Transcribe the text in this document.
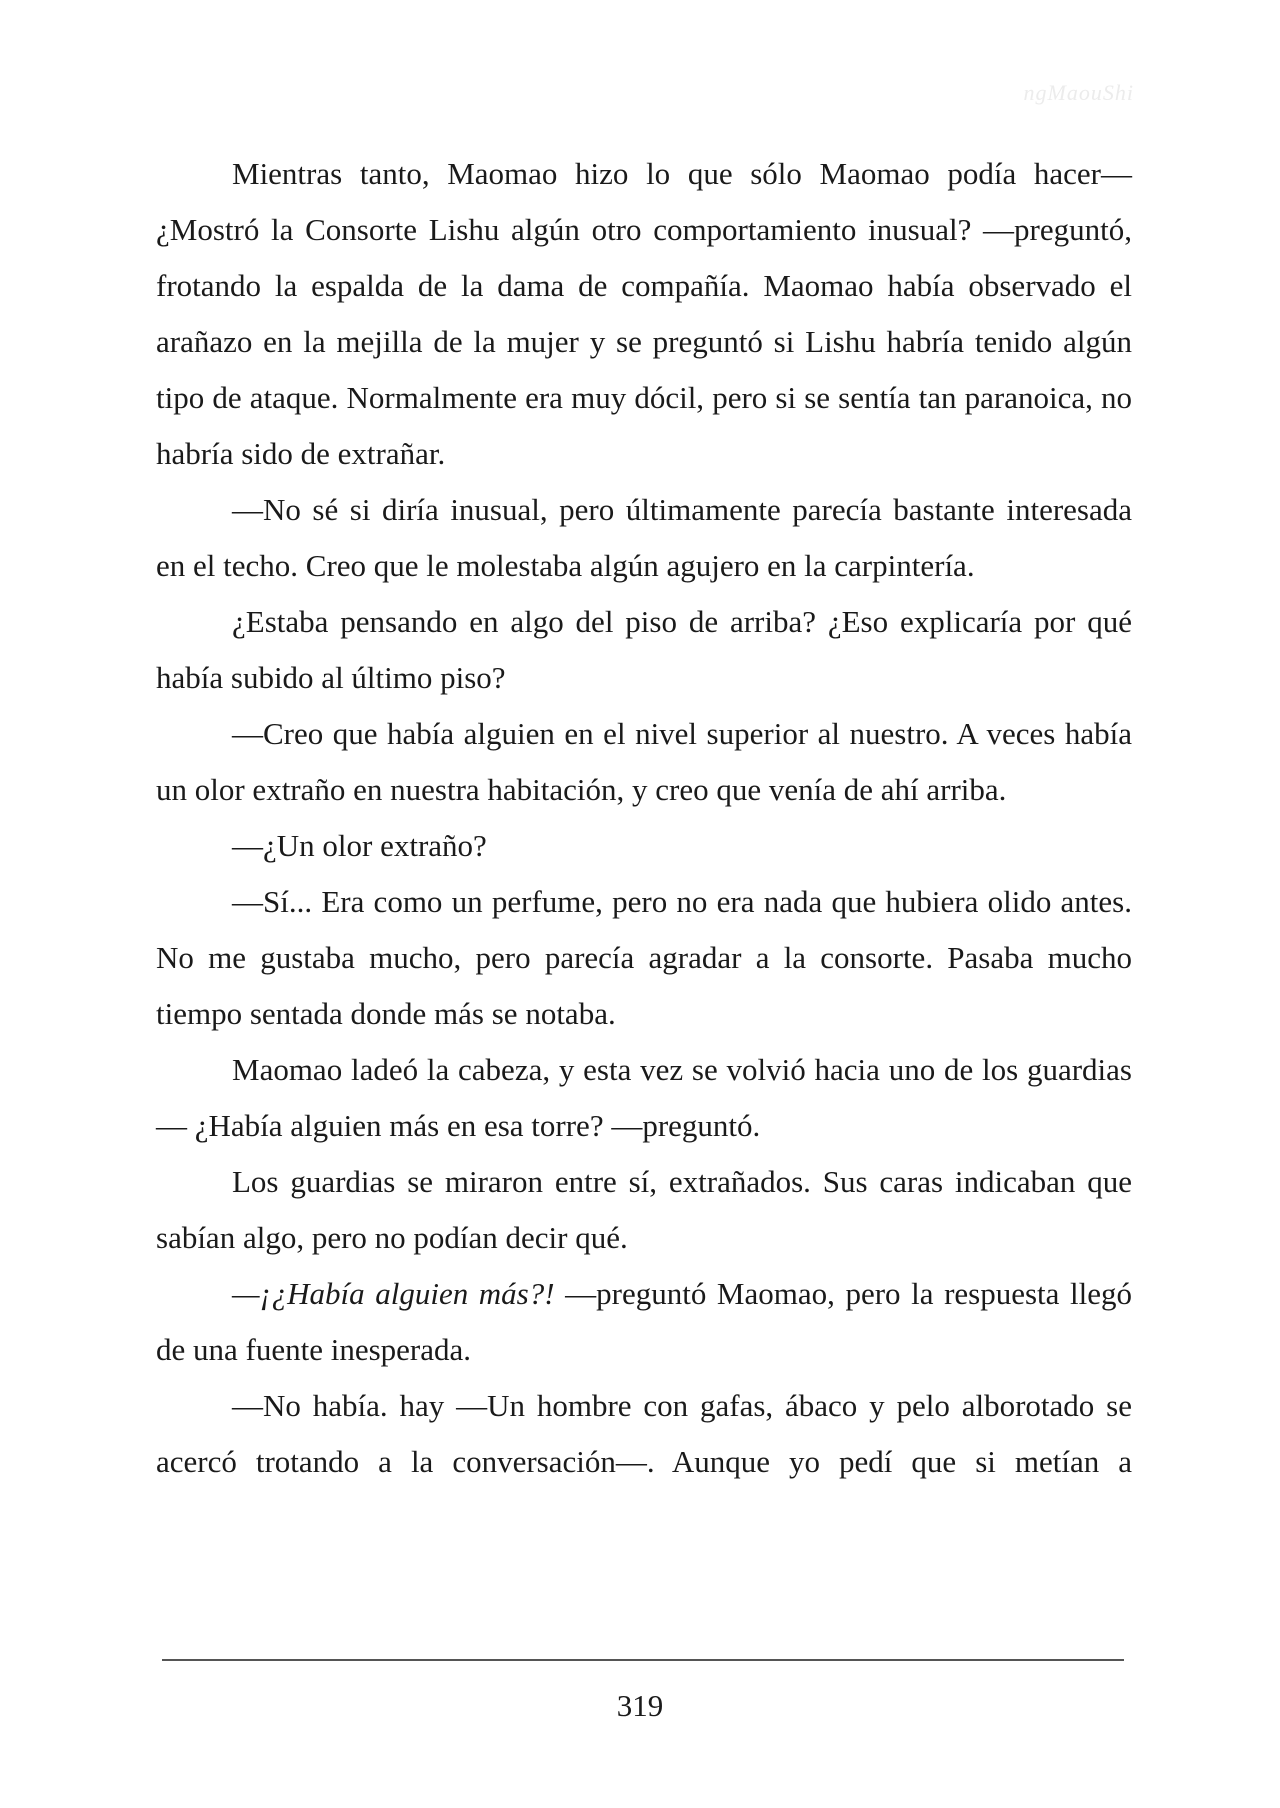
ngMaouShi

Mientras tanto, Maomao hizo lo que sólo Maomao podía hacer— ¿Mostró la Consorte Lishu algún otro comportamiento inusual? —preguntó, frotando la espalda de la dama de compañía. Maomao había observado el arañazo en la mejilla de la mujer y se preguntó si Lishu habría tenido algún tipo de ataque. Normalmente era muy dócil, pero si se sentía tan paranoica, no habría sido de extrañar.

—No sé si diría inusual, pero últimamente parecía bastante interesada en el techo. Creo que le molestaba algún agujero en la carpintería.

¿Estaba pensando en algo del piso de arriba? ¿Eso explicaría por qué había subido al último piso?

—Creo que había alguien en el nivel superior al nuestro. A veces había un olor extraño en nuestra habitación, y creo que venía de ahí arriba.

—¿Un olor extraño?

—Sí... Era como un perfume, pero no era nada que hubiera olido antes. No me gustaba mucho, pero parecía agradar a la consorte. Pasaba mucho tiempo sentada donde más se notaba.

Maomao ladeó la cabeza, y esta vez se volvió hacia uno de los guardias— ¿Había alguien más en esa torre? —preguntó.

Los guardias se miraron entre sí, extrañados. Sus caras indicaban que sabían algo, pero no podían decir qué.

—¡¿Había alguien más?! —preguntó Maomao, pero la respuesta llegó de una fuente inesperada.

—No había. hay —Un hombre con gafas, ábaco y pelo alborotado se acercó trotando a la conversación—. Aunque yo pedí que si metían a

319
